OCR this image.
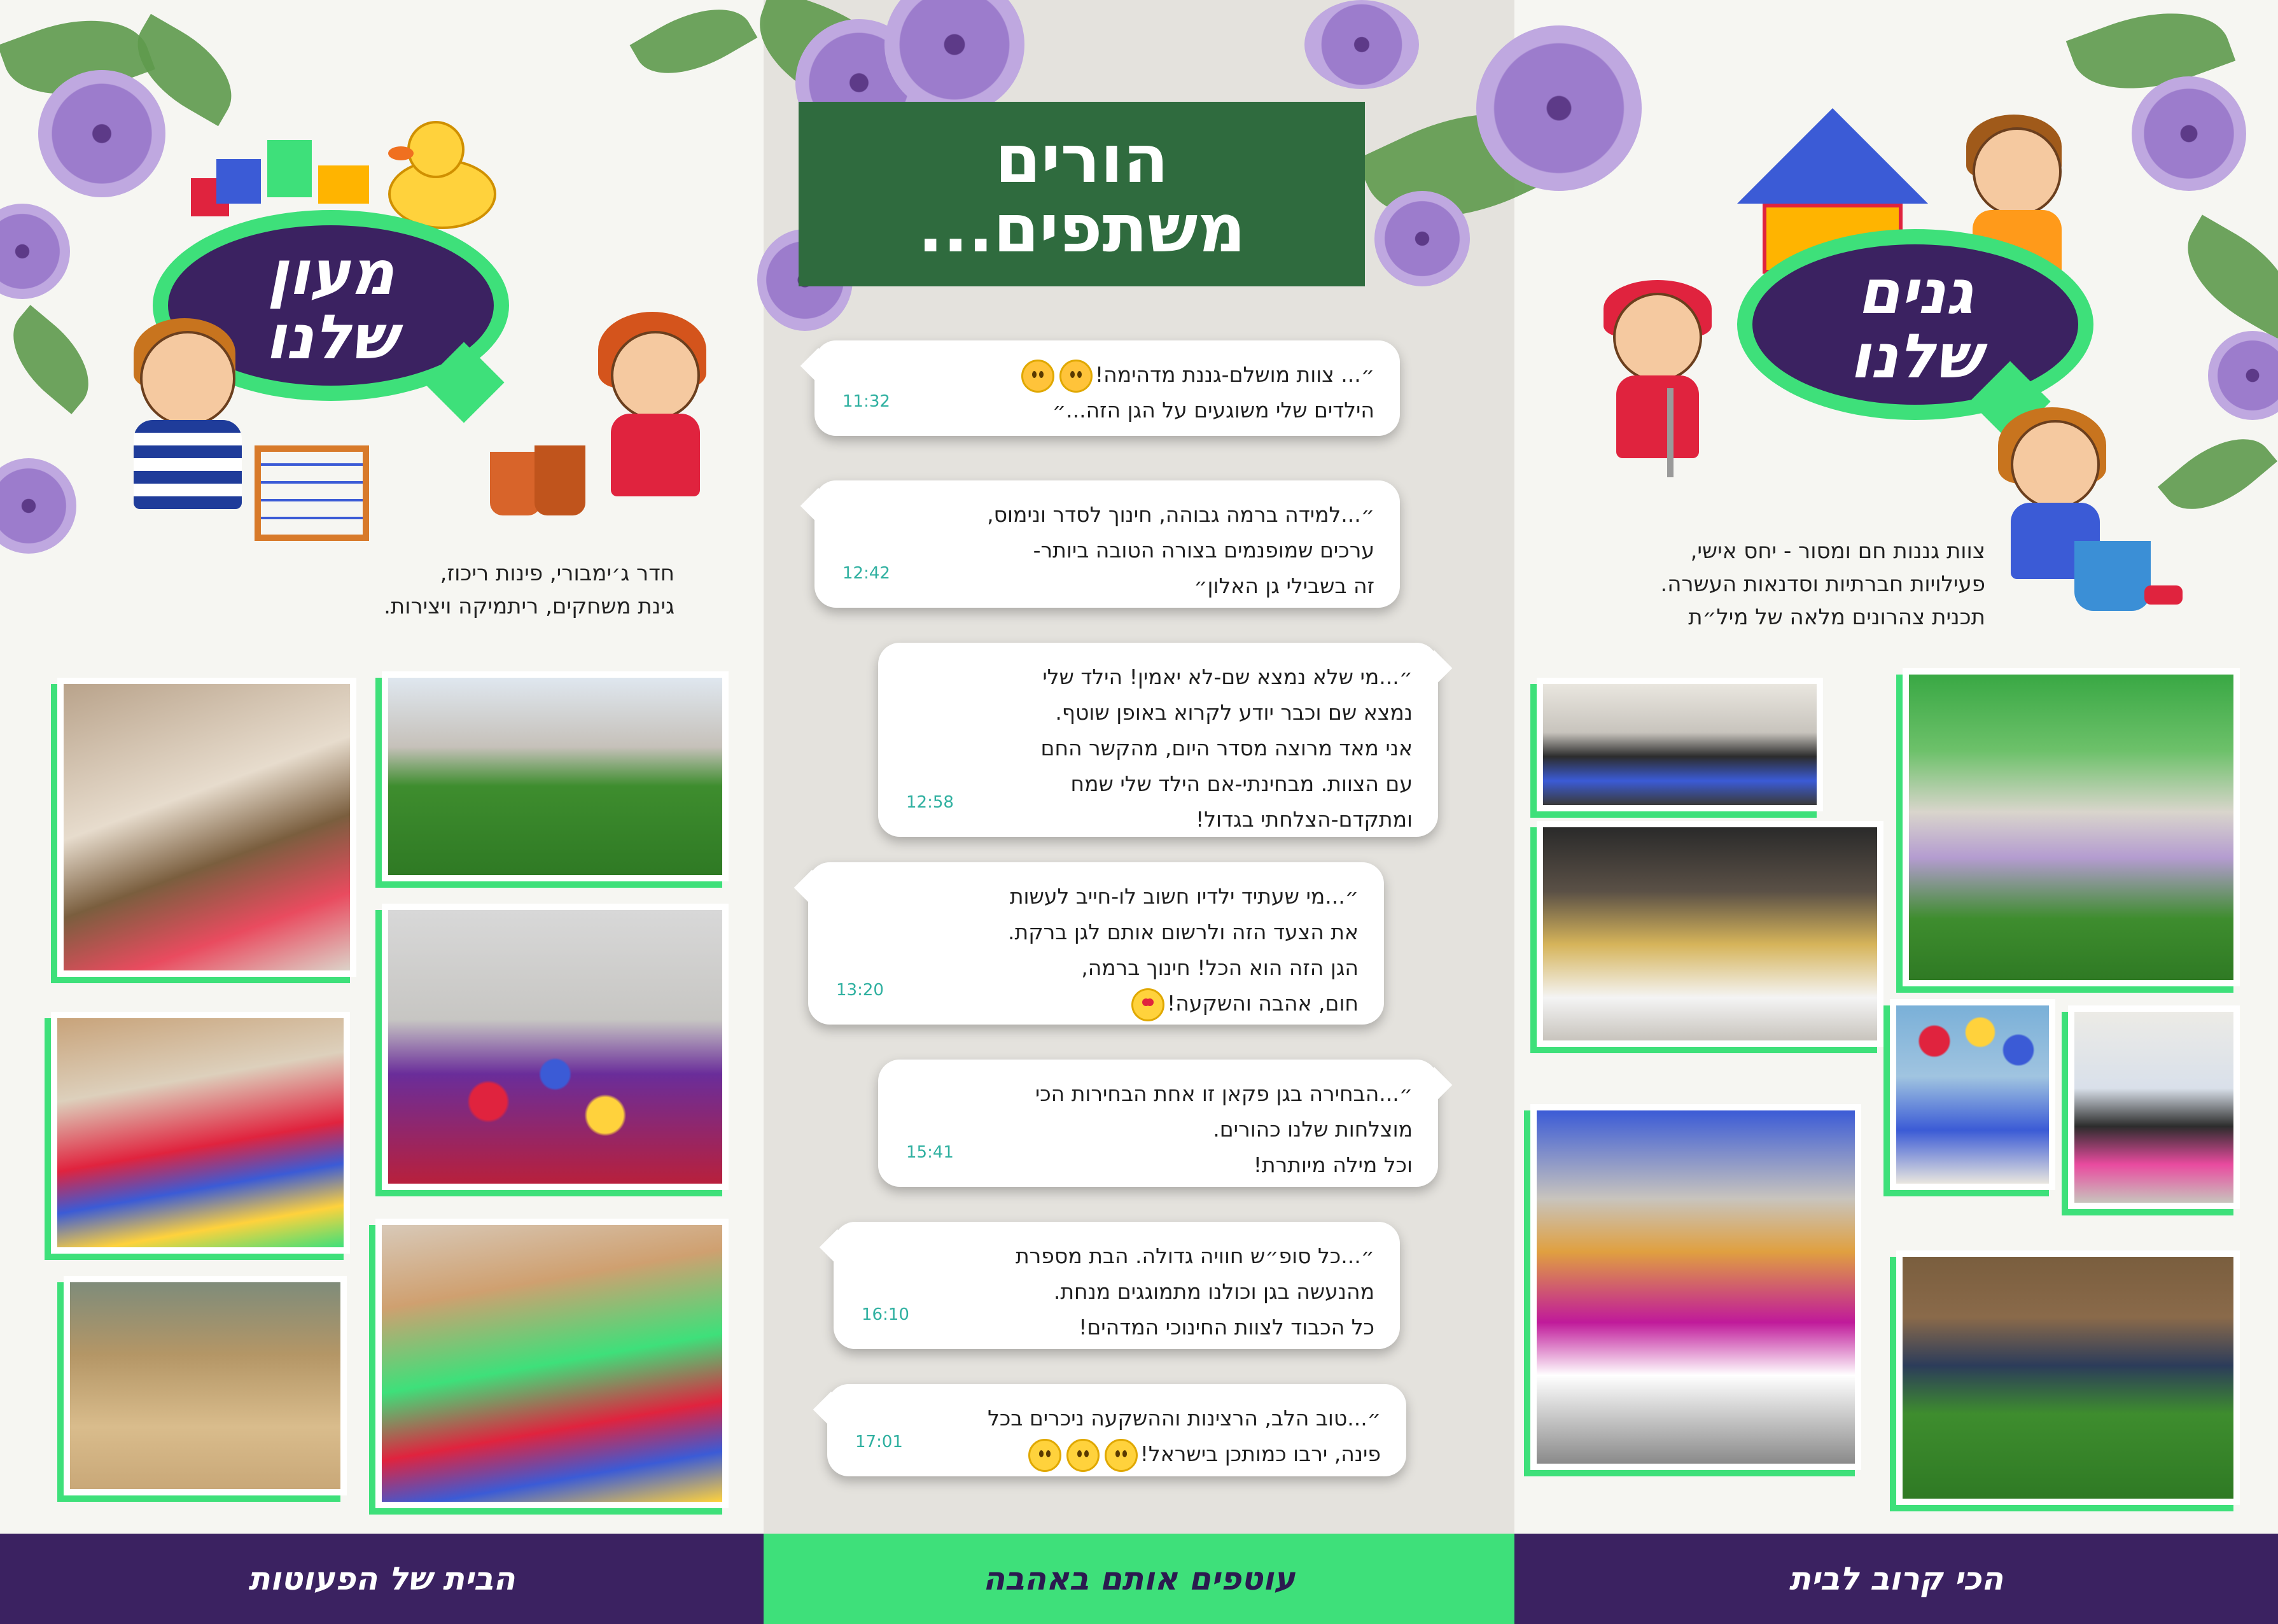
מעון
שלנו
חדר ג׳ימבורי, פינות ריכוז,
גינת משחקים, ריתמיקה ויצירות.
הורים
משתפים...
״... צוות מושלם-גננת מדהימה!
הילדים שלי משוגעים על הגן הזה...״
11:32
״...למידה ברמה גבוהה, חינוך לסדר ונימוס,
ערכים שמופנמים בצורה הטובה ביותר-
זה בשבילי גן האלון״
12:42
״...מי שלא נמצא שם-לא יאמין! הילד שלי
נמצא שם וכבר יודע לקרוא באופן שוטף.
אני מאד מרוצה מסדר היום, מהקשר החם
עם הצוות. מבחינתי-אם הילד שלי שמח
ומתקדם-הצלחתי בגדול!
12:58
״...מי שעתיד ילדיו חשוב לו-חייב לעשות
את הצעד הזה ולרשום אותם לגן ברקת.
הגן הזה הוא הכל! חינוך ברמה,
חום, אהבה והשקעה!
13:20
״...הבחירה בגן פקאן זו אחת הבחירות הכי
מוצלחות שלנו כהורים.
וכל מילה מיותרת!
15:41
״...כל סופ״ש חוויה גדולה. הבת מספרת
מהנעשה בגן וכולנו מתמוגגים מנחת.
כל הכבוד לצוות החינוכי המדהים!
16:10
״...טוב הלב, הרצינות וההשקעה ניכרים בכל
פינה, ירבו כמותכן בישראל!
17:01
גנים
שלנו
צוות גננות חם ומסור - יחס אישי,
פעילויות חברתיות וסדנאות העשרה.
תכנית צהרונים מלאה של מיל״ת
הבית של הפעוטות	עוטפים אותם באהבה	הכי קרוב לבית
